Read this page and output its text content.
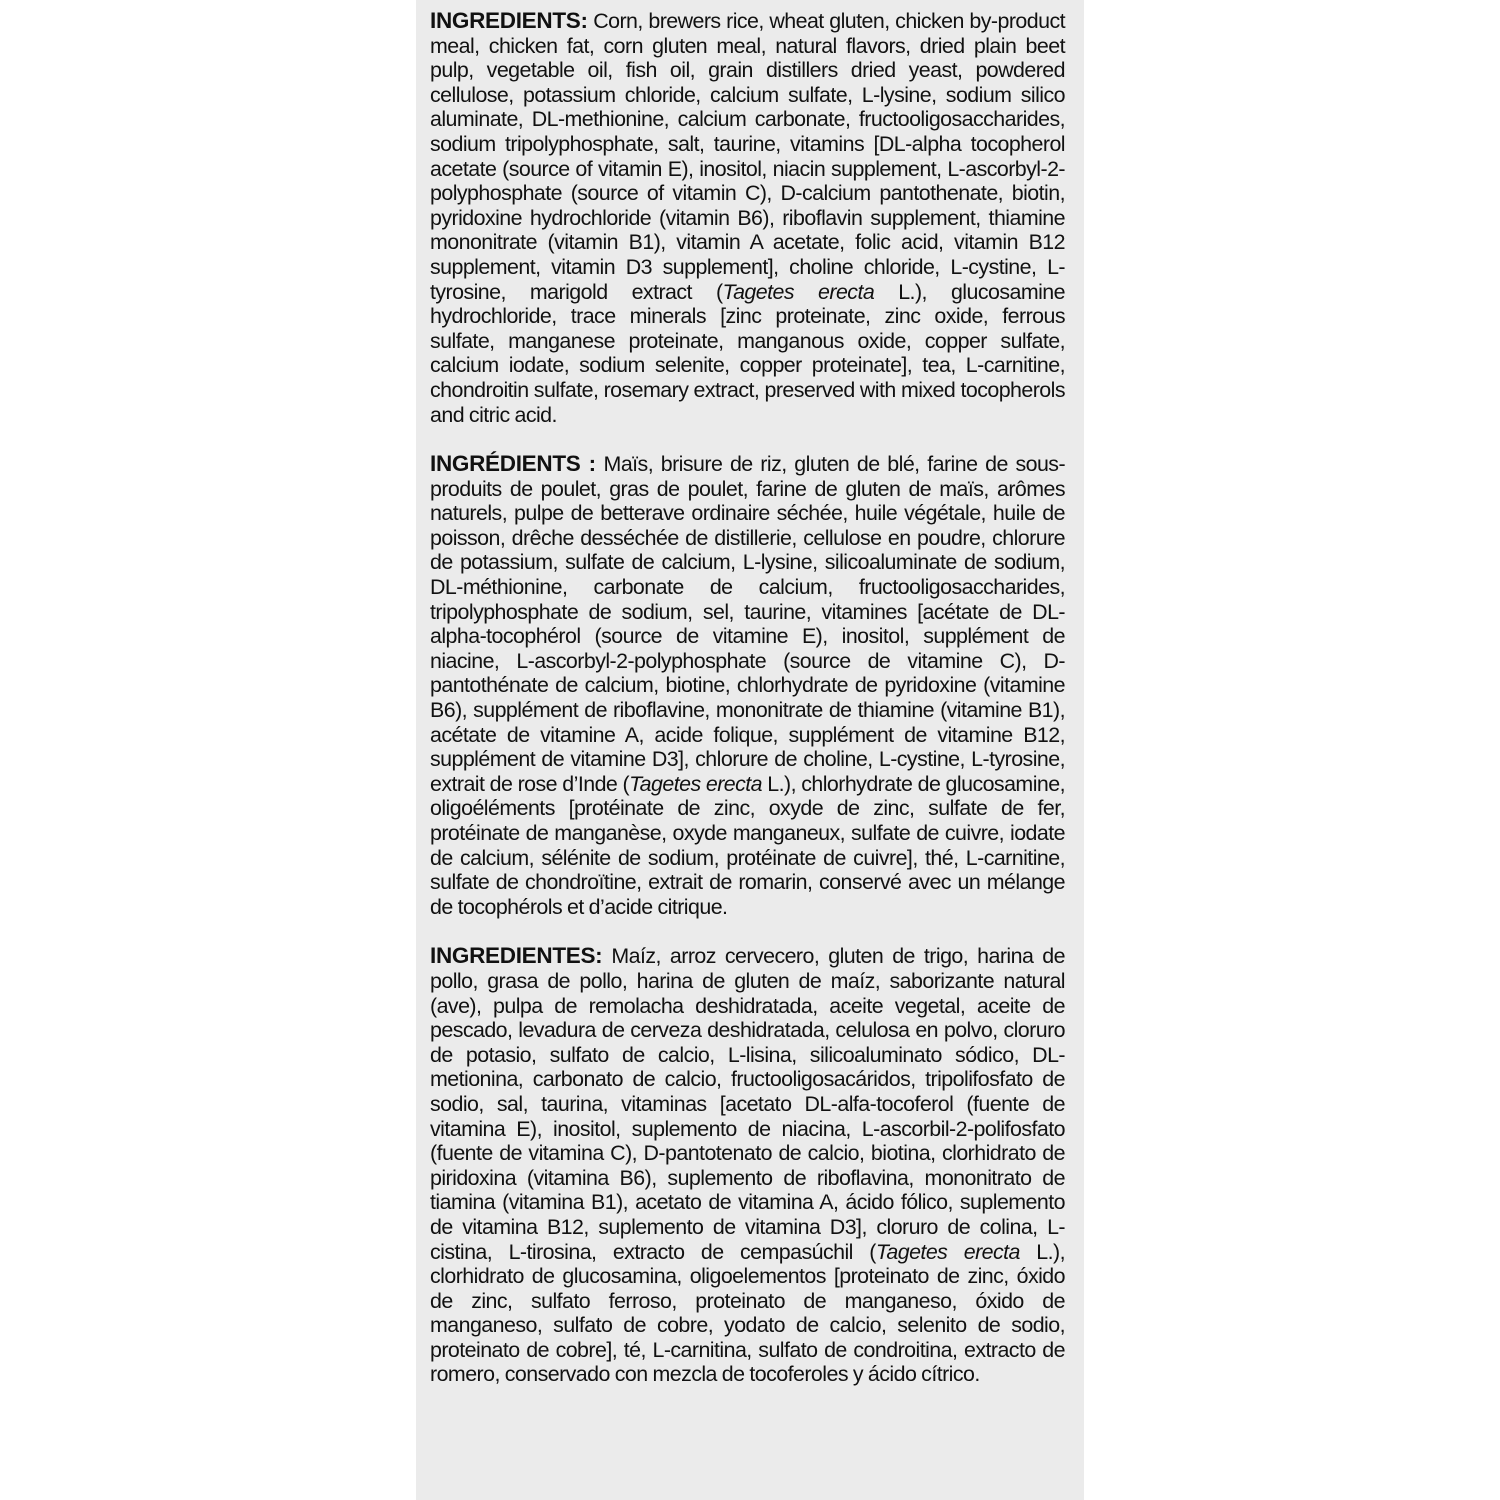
INGREDIENTS: Corn, brewers rice, wheat gluten, chicken by-product meal, chicken fat, corn gluten meal, natural flavors, dried plain beet pulp, vegetable oil, fish oil, grain distillers dried yeast, powdered cellulose, potassium chloride, calcium sulfate, L-lysine, sodium silico aluminate, DL-methionine, calcium carbonate, fructooligosaccharides, sodium tripolyphosphate, salt, taurine, vitamins [DL-alpha tocopherol acetate (source of vitamin E), inositol, niacin supplement, L-ascorbyl-2-polyphosphate (source of vitamin C), D-calcium pantothenate, biotin, pyridoxine hydrochloride (vitamin B6), riboflavin supplement, thiamine mononitrate (vitamin B1), vitamin A acetate, folic acid, vitamin B12 supplement, vitamin D3 supplement], choline chloride, L-cystine, L-tyrosine, marigold extract (Tagetes erecta L.), glucosamine hydrochloride, trace minerals [zinc proteinate, zinc oxide, ferrous sulfate, manganese proteinate, manganous oxide, copper sulfate, calcium iodate, sodium selenite, copper proteinate], tea, L-carnitine, chondroitin sulfate, rosemary extract, preserved with mixed tocopherols and citric acid.

INGRÉDIENTS : Maïs, brisure de riz, gluten de blé, farine de sous-produits de poulet, gras de poulet, farine de gluten de maïs, arômes naturels, pulpe de betterave ordinaire séchée, huile végétale, huile de poisson, drêche desséchée de distillerie, cellulose en poudre, chlorure de potassium, sulfate de calcium, L-lysine, silicoaluminate de sodium, DL-méthionine, carbonate de calcium, fructooligosaccharides, tripolyphosphate de sodium, sel, taurine, vitamines [acétate de DL-alpha-tocophérol (source de vitamine E), inositol, supplément de niacine, L-ascorbyl-2-polyphosphate (source de vitamine C), D-pantothénate de calcium, biotine, chlorhydrate de pyridoxine (vitamine B6), supplément de riboflavine, mononitrate de thiamine (vitamine B1), acétate de vitamine A, acide folique, supplément de vitamine B12, supplément de vitamine D3], chlorure de choline, L-cystine, L-tyrosine, extrait de rose d’Inde (Tagetes erecta L.), chlorhydrate de glucosamine, oligoéléments [protéinate de zinc, oxyde de zinc, sulfate de fer, protéinate de manganèse, oxyde manganeux, sulfate de cuivre, iodate de calcium, sélénite de sodium, protéinate de cuivre], thé, L-carnitine, sulfate de chondroïtine, extrait de romarin, conservé avec un mélange de tocophérols et d’acide citrique.

INGREDIENTES: Maíz, arroz cervecero, gluten de trigo, harina de pollo, grasa de pollo, harina de gluten de maíz, saborizante natural (ave), pulpa de remolacha deshidratada, aceite vegetal, aceite de pescado, levadura de cerveza deshidratada, celulosa en polvo, cloruro de potasio, sulfato de calcio, L-lisina, silicoaluminato sódico, DL-metionina, carbonato de calcio, fructooligosacáridos, tripolifosfato de sodio, sal, taurina, vitaminas [acetato DL-alfa-tocoferol (fuente de vitamina E), inositol, suplemento de niacina, L-ascorbil-2-polifosfato (fuente de vitamina C), D-pantotenato de calcio, biotina, clorhidrato de piridoxina (vitamina B6), suplemento de riboflavina, mononitrato de tiamina (vitamina B1), acetato de vitamina A, ácido fólico, suplemento de vitamina B12, suplemento de vitamina D3], cloruro de colina, L-cistina, L-tirosina, extracto de cempasúchil (Tagetes erecta L.), clorhidrato de glucosamina, oligoelementos [proteinato de zinc, óxido de zinc, sulfato ferroso, proteinato de manganeso, óxido de manganeso, sulfato de cobre, yodato de calcio, selenito de sodio, proteinato de cobre], té, L-carnitina, sulfato de condroitina, extracto de romero, conservado con mezcla de tocoferoles y ácido cítrico.
